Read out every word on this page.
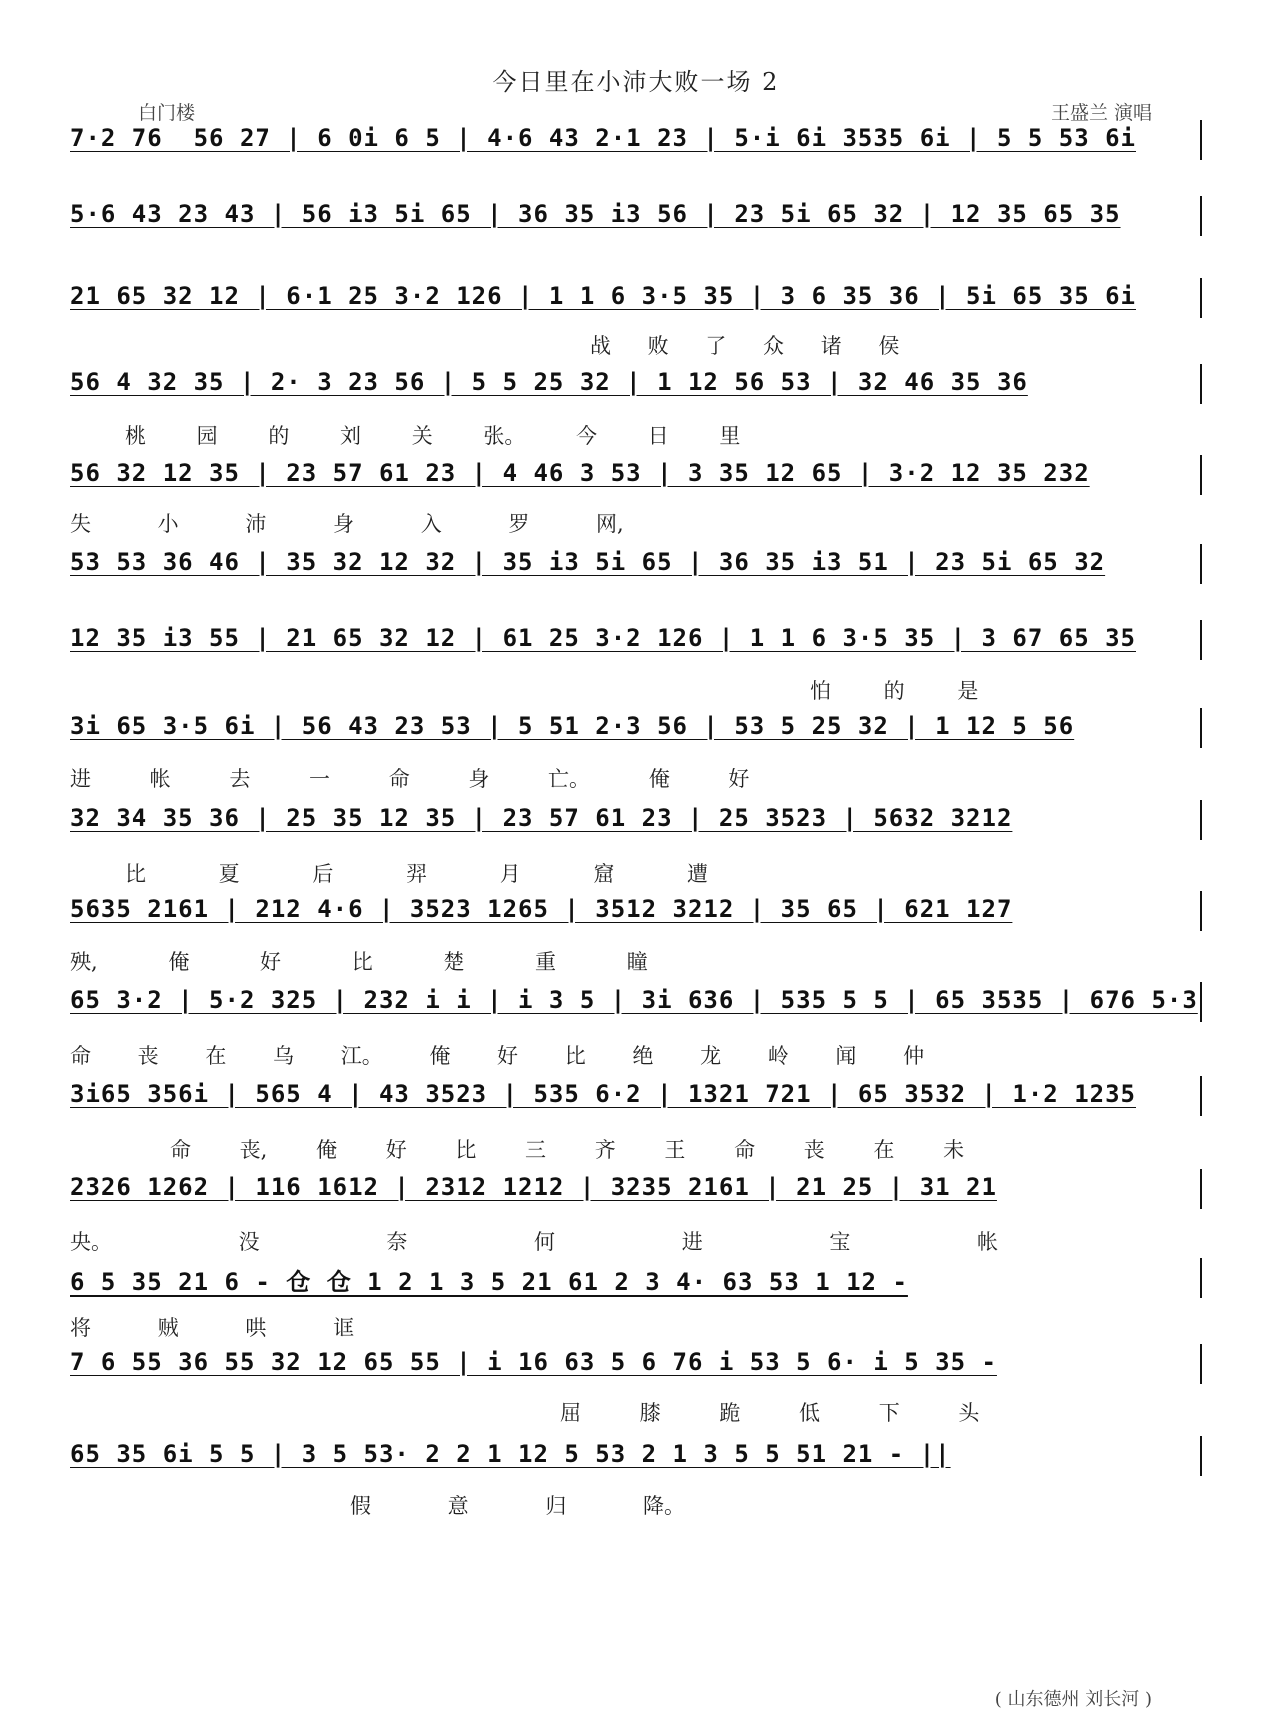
今日里在小沛大败一场 2
白门楼	王盛兰 演唱
7·2 76  56 27 | 6 0i 6 5 | 4·6 43 2·1 23 | 5·i 6i 3535 6i | 5 5 53 6i
5·6 43 23 43 | 56 i3 5i 65 | 36 35 i3 56 | 23 5i 65 32 | 12 35 65 35
21 65 32 12 | 6·1 25 3·2 126 | 1 1 6 3·5 35 | 3 6 35 36 | 5i 65 35 6i
战 败 了 众 诸 侯
56 4 32 35 | 2· 3 23 56 | 5 5 25 32 | 1 12 56 53 | 32 46 35 36
桃 园 的 刘 关 张。 今 日 里
56 32 12 35 | 23 57 61 23 | 4 46 3 53 | 3 35 12 65 | 3·2 12 35 232
失 小 沛 身 入 罗 网,
53 53 36 46 | 35 32 12 32 | 35 i3 5i 65 | 36 35 i3 51 | 23 5i 65 32
12 35 i3 55 | 21 65 32 12 | 61 25 3·2 126 | 1 1 6 3·5 35 | 3 67 65 35
怕 的 是
3i 65 3·5 6i | 56 43 23 53 | 5 51 2·3 56 | 53 5 25 32 | 1 12 5 56
进 帐 去 一 命 身 亡。 俺 好
32 34 35 36 | 25 35 12 35 | 23 57 61 23 | 25 3523 | 5632 3212
比 夏 后 羿 月 窟 遭
5635 2161 | 212 4·6 | 3523 1265 | 3512 3212 | 35 65 | 621 127
殃, 俺 好 比 楚 重 瞳
65 3·2 | 5·2 325 | 232 i i | i 3 5 | 3i 636 | 535 5 5 | 65 3535 | 676 5·3
命 丧 在 乌 江。 俺 好 比 绝 龙 岭 闻 仲
3i65 356i | 565 4 | 43 3523 | 535 6·2 | 1321 721 | 65 3532 | 1·2 1235
命 丧, 俺 好 比 三 齐 王 命 丧 在 未
2326 1262 | 116 1612 | 2312 1212 | 3235 2161 | 21 25 | 31 21
央。 没 奈 何 进 宝 帐
6 5 35 21 6 - 仓 仓 1 2 1 3 5 21 61 2 3 4· 63 53 1 12 -
将 贼 哄 诓
7 6 55 36 55 32 12 65 55 | i 16 63 5 6 76 i 53 5 6· i 5 35 -
屈 膝 跪 低 下 头
65 35 6i 5 5 | 3 5 53· 2 2 1 12 5 53 2 1 3 5 5 51 21 - ||
假 意 归 降。
( 山东德州 刘长河 )
